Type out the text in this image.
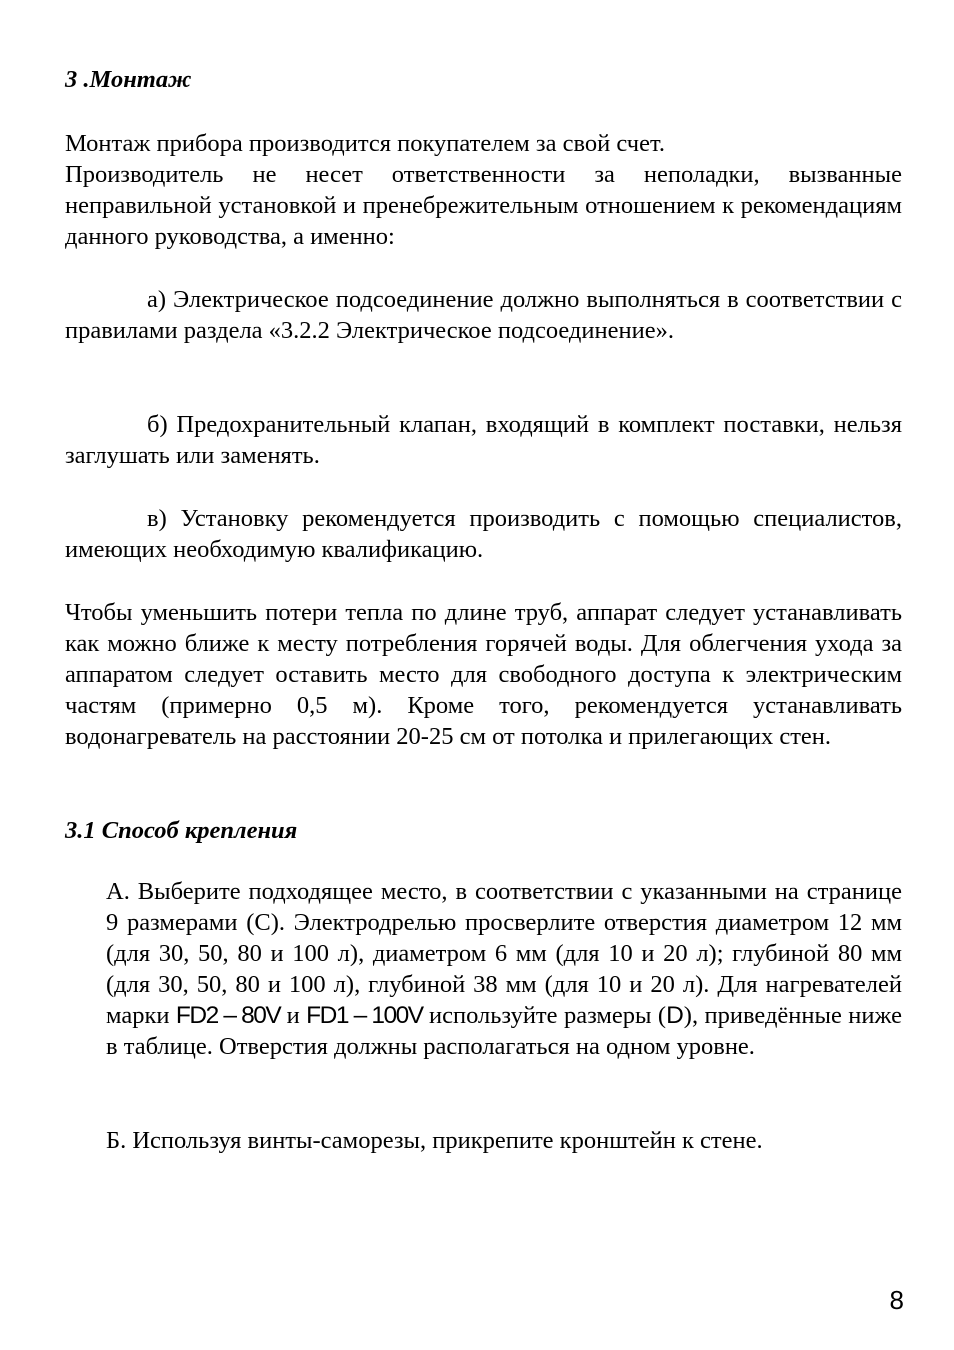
3 .Монтаж

Монтаж прибора производится покупателем за свой счет.
Производитель не несет ответственности за неполадки, вызванные неправильной установкой и пренебрежительным отношением к рекомендациям данного руководства, а именно:

а) Электрическое подсоединение должно выполняться в соответствии с правилами раздела «3.2.2 Электрическое подсоединение».

б) Предохранительный клапан, входящий в комплект поставки, нельзя заглушать или заменять.

в) Установку рекомендуется производить с помощью специалистов, имеющих необходимую квалификацию.

Чтобы уменьшить потери тепла по длине труб, аппарат следует устанавливать как можно ближе к месту потребления горячей воды. Для облегчения ухода за аппаратом следует оставить место для свободного доступа к электрическим частям (примерно 0,5 м). Кроме того, рекомендуется устанавливать водонагреватель на расстоянии 20-25 см от потолка и прилегающих стен.

3.1 Способ крепления

А. Выберите подходящее место, в соответствии с указанными на странице 9 размерами (С). Электродрелью просверлите отверстия диаметром 12 мм (для 30, 50, 80 и 100 л), диаметром 6 мм (для 10 и 20 л); глубиной 80 мм (для 30, 50, 80 и 100 л), глубиной 38 мм (для 10 и 20 л). Для нагревателей марки FD2 – 80V и FD1 – 100V используйте размеры (D), приведённые ниже в таблице. Отверстия должны располагаться на одном уровне.

Б. Используя винты-саморезы, прикрепите кронштейн к стене.

8
